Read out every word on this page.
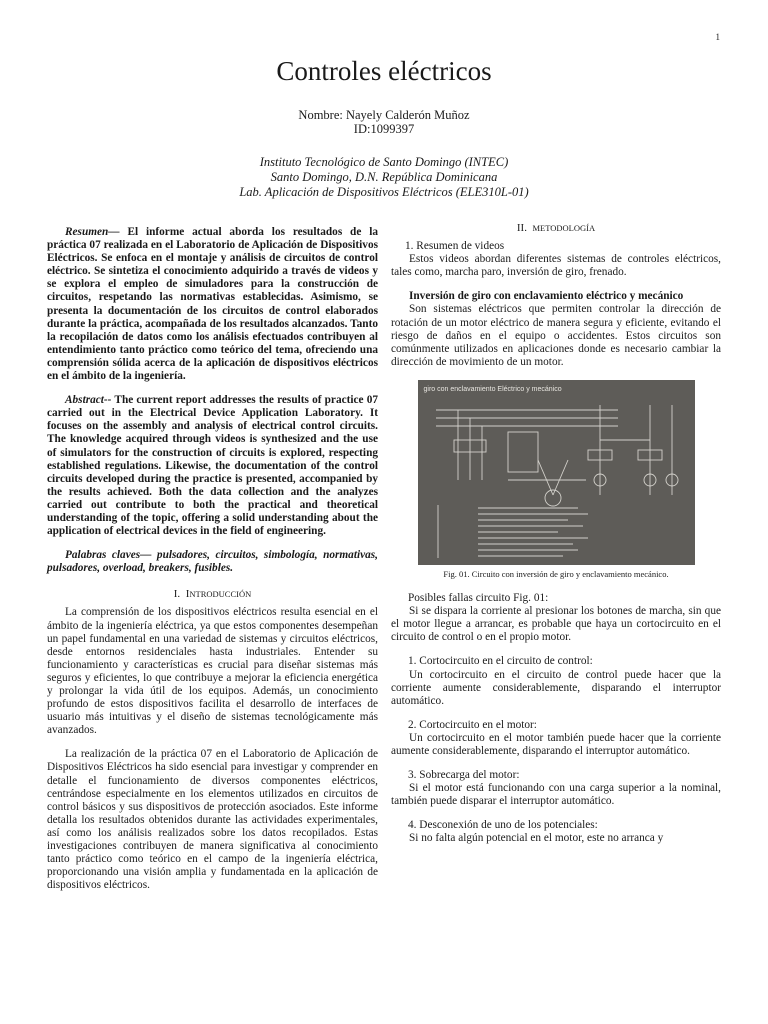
1
Controles eléctricos
Nombre: Nayely Calderón Muñoz
ID:1099397
Instituto Tecnológico de Santo Domingo (INTEC)
Santo Domingo, D.N. República Dominicana
Lab. Aplicación de Dispositivos Eléctricos (ELE310L-01)

Resumen— El informe actual aborda los resultados de la práctica 07 realizada en el Laboratorio de Aplicación de Dispositivos Eléctricos. Se enfoca en el montaje y análisis de circuitos de control eléctrico. Se sintetiza el conocimiento adquirido a través de videos y se explora el empleo de simuladores para la construcción de circuitos, respetando las normativas establecidas. Asimismo, se presenta la documentación de los circuitos de control elaborados durante la práctica, acompañada de los resultados alcanzados. Tanto la recopilación de datos como los análisis efectuados contribuyen al entendimiento tanto práctico como teórico del tema, ofreciendo una comprensión sólida acerca de la aplicación de dispositivos eléctricos en el ámbito de la ingeniería.

Abstract-- The current report addresses the results of practice 07 carried out in the Electrical Device Application Laboratory. It focuses on the assembly and analysis of electrical control circuits. The knowledge acquired through videos is synthesized and the use of simulators for the construction of circuits is explored, respecting established regulations. Likewise, the documentation of the control circuits developed during the practice is presented, accompanied by the results achieved. Both the data collection and the analyzes carried out contribute to both the practical and theoretical understanding of the topic, offering a solid understanding about the application of electrical devices in the field of engineering.

Palabras claves— pulsadores, circuitos, simbología, normativas, pulsadores, overload, breakers, fusibles.

I. INTRODUCCIÓN

La comprensión de los dispositivos eléctricos resulta esencial en el ámbito de la ingeniería eléctrica, ya que estos componentes desempeñan un papel fundamental en una variedad de sistemas y circuitos eléctricos, desde entornos residenciales hasta industriales. Entender su funcionamiento y características es crucial para diseñar sistemas más seguros y eficientes, lo que contribuye a mejorar la eficiencia energética y prolongar la vida útil de los equipos. Además, un conocimiento profundo de estos dispositivos facilita el desarrollo de interfaces de usuario más intuitivas y el diseño de sistemas tecnológicamente más avanzados.

La realización de la práctica 07 en el Laboratorio de Aplicación de Dispositivos Eléctricos ha sido esencial para investigar y comprender en detalle el funcionamiento de diversos componentes eléctricos, centrándose especialmente en los elementos utilizados en circuitos de control básicos y sus dispositivos de protección asociados. Este informe detalla los resultados obtenidos durante las actividades experimentales, así como los análisis realizados sobre los datos recopilados. Estas investigaciones contribuyen de manera significativa al conocimiento tanto práctico como teórico en el campo de la ingeniería eléctrica, proporcionando una visión amplia y fundamentada en la aplicación de dispositivos eléctricos.

II. METODOLOGÍA

1. Resumen de videos

Estos videos abordan diferentes sistemas de controles eléctricos, tales como, marcha paro, inversión de giro, frenado.

Inversión de giro con enclavamiento eléctrico y mecánico

Son sistemas eléctricos que permiten controlar la dirección de rotación de un motor eléctrico de manera segura y eficiente, evitando el riesgo de daños en el equipo o accidentes. Estos circuitos son comúnmente utilizados en aplicaciones donde es necesario cambiar la dirección de movimiento de un motor.

giro con enclavamiento Eléctrico y mecánico
Fig. 01. Circuito con inversión de giro y enclavamiento mecánico.

Posibles fallas circuito Fig. 01:

Si se dispara la corriente al presionar los botones de marcha, sin que el motor llegue a arrancar, es probable que haya un cortocircuito en el circuito de control o en el propio motor.

1. Cortocircuito en el circuito de control:

Un cortocircuito en el circuito de control puede hacer que la corriente aumente considerablemente, disparando el interruptor automático.

2. Cortocircuito en el motor:

Un cortocircuito en el motor también puede hacer que la corriente aumente considerablemente, disparando el interruptor automático.

3. Sobrecarga del motor:

Si el motor está funcionando con una carga superior a la nominal, también puede disparar el interruptor automático.

4. Desconexión de uno de los potenciales:

Si no falta algún potencial en el motor, este no arranca y
